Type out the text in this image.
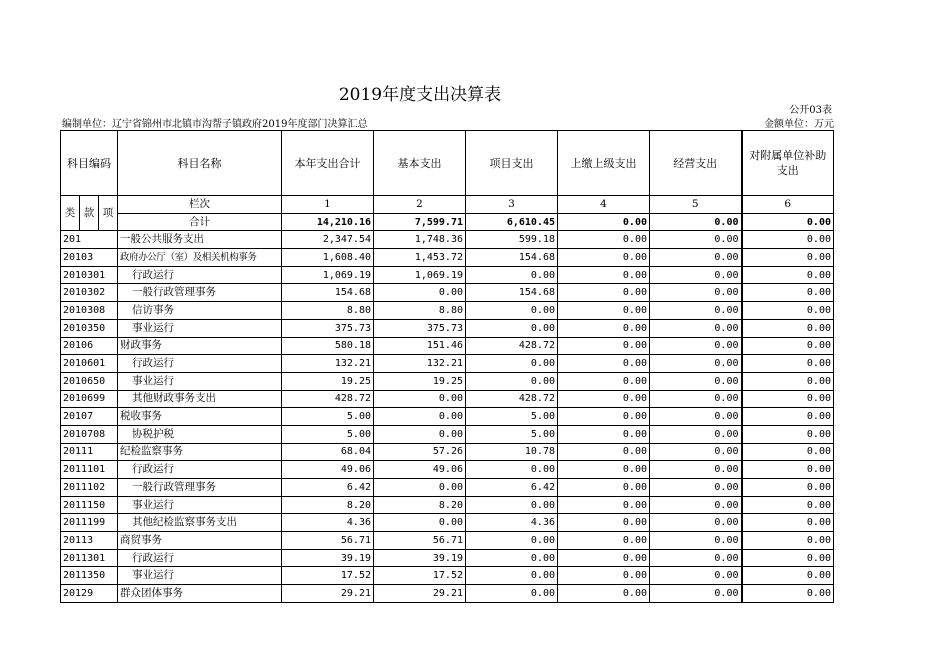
2019年度支出决算表
公开03表
编制单位：辽宁省锦州市北镇市沟帮子镇政府2019年度部门决算汇总	金额单位：万元
科目编码			科目名称	本年支出合计	基本支出	项目支出	上缴上级支出	经营支出	对附属单位补助支出
类	款	项	栏次	1	2	3	4	5	6
			合计	14,210.16	7,599.71	6,610.45	0.00	0.00	0.00
201			一般公共服务支出	2,347.54	1,748.36	599.18	0.00	0.00	0.00
20103			政府办公厅（室）及相关机构事务	1,608.40	1,453.72	154.68	0.00	0.00	0.00
2010301			行政运行	1,069.19	1,069.19	0.00	0.00	0.00	0.00
2010302			一般行政管理事务	154.68	0.00	154.68	0.00	0.00	0.00
2010308			信访事务	8.80	8.80	0.00	0.00	0.00	0.00
2010350			事业运行	375.73	375.73	0.00	0.00	0.00	0.00
20106			财政事务	580.18	151.46	428.72	0.00	0.00	0.00
2010601			行政运行	132.21	132.21	0.00	0.00	0.00	0.00
2010650			事业运行	19.25	19.25	0.00	0.00	0.00	0.00
2010699			其他财政事务支出	428.72	0.00	428.72	0.00	0.00	0.00
20107			税收事务	5.00	0.00	5.00	0.00	0.00	0.00
2010708			协税护税	5.00	0.00	5.00	0.00	0.00	0.00
20111			纪检监察事务	68.04	57.26	10.78	0.00	0.00	0.00
2011101			行政运行	49.06	49.06	0.00	0.00	0.00	0.00
2011102			一般行政管理事务	6.42	0.00	6.42	0.00	0.00	0.00
2011150			事业运行	8.20	8.20	0.00	0.00	0.00	0.00
2011199			其他纪检监察事务支出	4.36	0.00	4.36	0.00	0.00	0.00
20113			商贸事务	56.71	56.71	0.00	0.00	0.00	0.00
2011301			行政运行	39.19	39.19	0.00	0.00	0.00	0.00
2011350			事业运行	17.52	17.52	0.00	0.00	0.00	0.00
20129			群众团体事务	29.21	29.21	0.00	0.00	0.00	0.00
